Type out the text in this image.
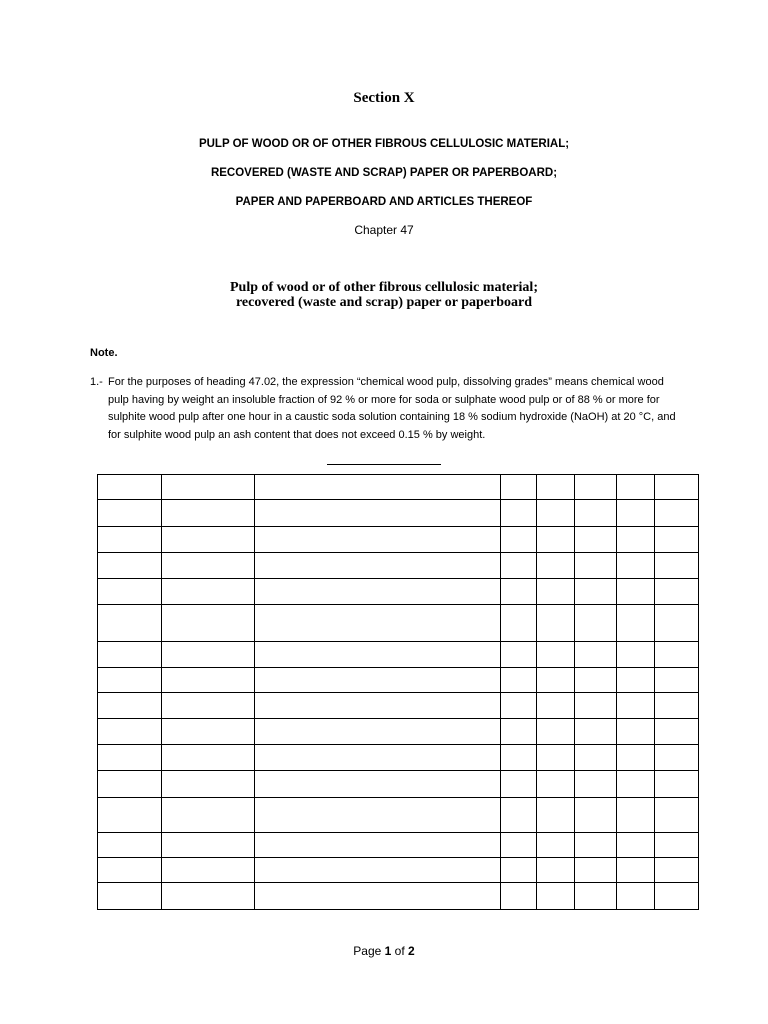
Section X
PULP OF WOOD OR OF OTHER FIBROUS CELLULOSIC MATERIAL;
RECOVERED (WASTE AND SCRAP) PAPER OR PAPERBOARD;
PAPER AND PAPERBOARD AND ARTICLES THEREOF
Chapter 47
Pulp of wood or of other fibrous cellulosic material;
recovered (waste and scrap) paper or paperboard
Note.
1.- For the purposes of heading 47.02, the expression “chemical wood pulp, dissolving grades” means chemical wood pulp having by weight an insoluble fraction of 92 % or more for soda or sulphate wood pulp or of 88 % or more for sulphite wood pulp after one hour in a caustic soda solution containing 18 % sodium hydroxide (NaOH) at 20 °C, and for sulphite wood pulp an ash content that does not exceed 0.15 % by weight.

Page 1 of 2
